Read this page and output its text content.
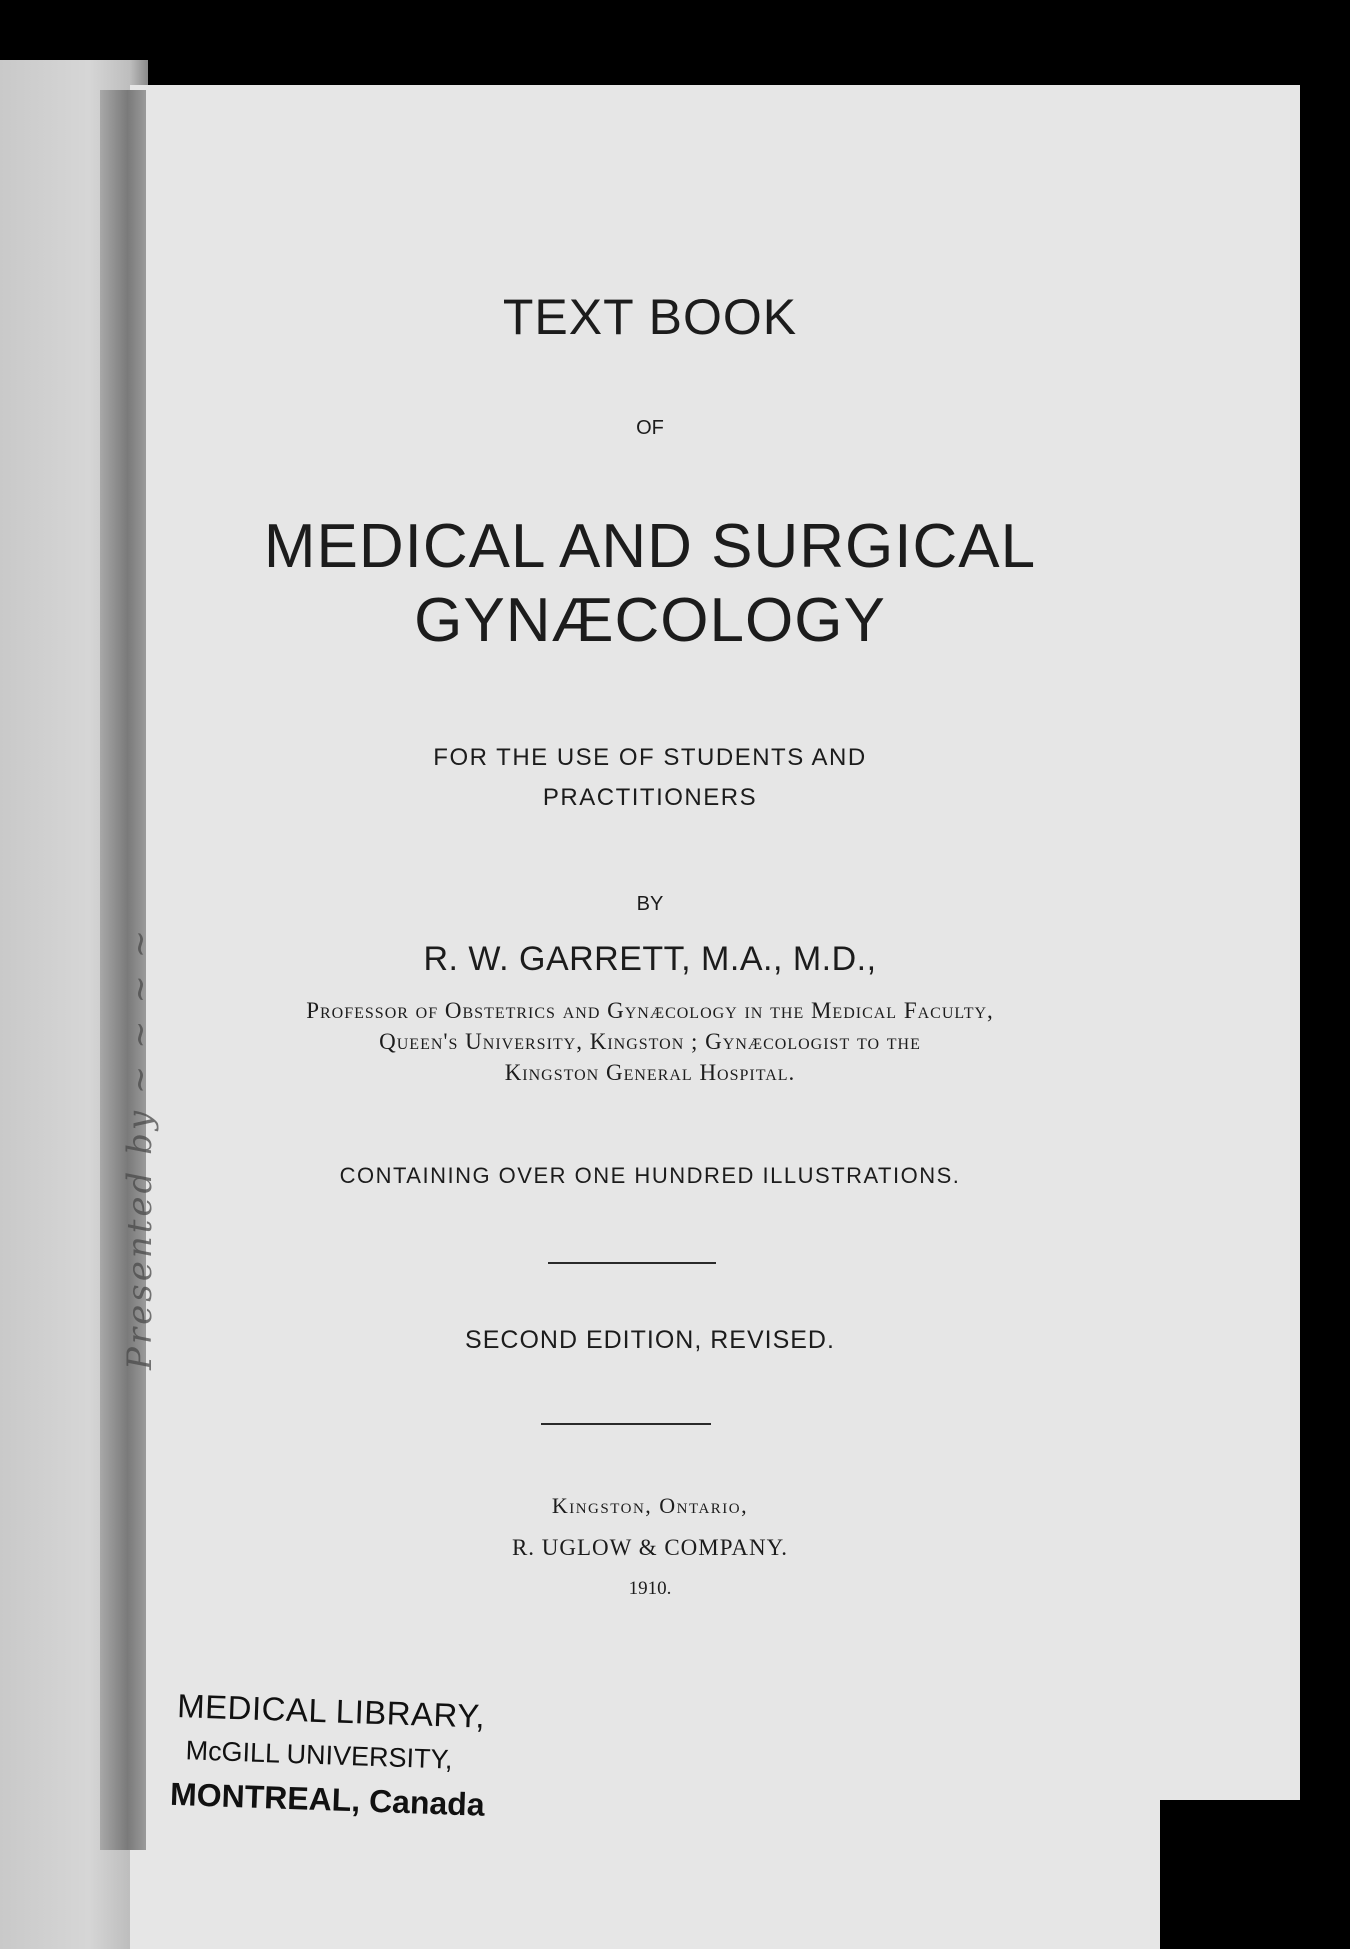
Presented by ~ ~ ~ ~
TEXT BOOK
OF
MEDICAL AND SURGICAL
GYNÆCOLOGY
FOR THE USE OF STUDENTS AND
PRACTITIONERS
BY
R. W. GARRETT, M.A., M.D.,
Professor of Obstetrics and Gynæcology in the Medical Faculty,
Queen's University, Kingston ; Gynæcologist to the
Kingston General Hospital.
CONTAINING OVER ONE HUNDRED ILLUSTRATIONS.
SECOND EDITION, REVISED.
Kingston, Ontario,
R. UGLOW & COMPANY.
1910.
MEDICAL LIBRARY,
McGILL UNIVERSITY,
MONTREAL, Canada
